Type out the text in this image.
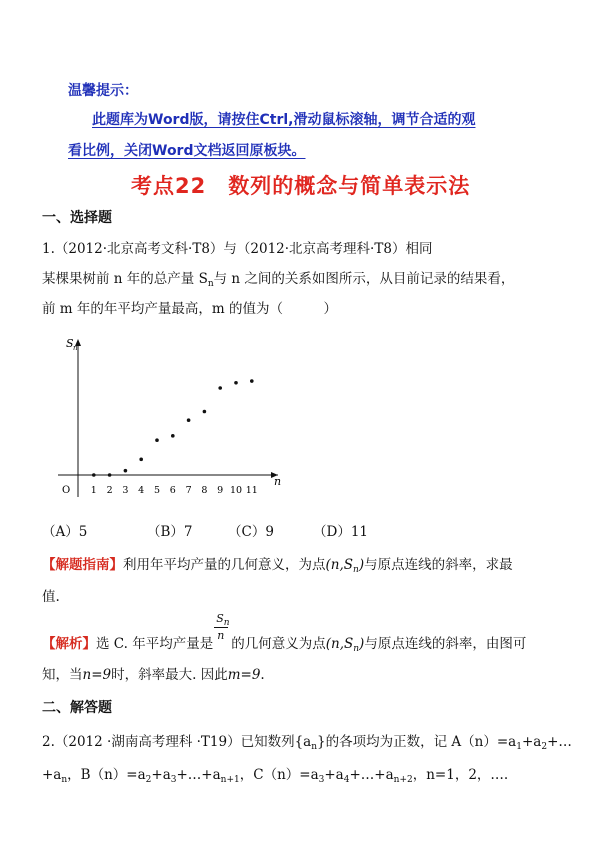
温馨提示：
此题库为Word版，请按住Ctrl,滑动鼠标滚轴，调节合适的观
看比例，关闭Word文档返回原板块。
考点22　数列的概念与简单表示法
一、选择题
1.（2012·北京高考文科·T8）与（2012·北京高考理科·T8）相同
某棵果树前 n 年的总产量 $S_n$与 n 之间的关系如图所示，从目前记录的结果看，
前 m 年的年平均产量最高，m 的值为（　　　）
S n
n
O 1 2 3 4 5 6 7 8 9 10 11
（A）5	（B）7	（C）9	（D）11
【解题指南】利用年平均产量的几何意义，为点$(n,S_n)$与原点连线的斜率，求最
值.
【解析】选 C. 年平均产量是 $\frac{S_n}{n}$ 的几何意义为点$(n,S_n)$与原点连线的斜率，由图可
知，当n=9时，斜率最大. 因此m=9.
二、解答题
2.（2012 ·湖南高考理科 ·T19）已知数列$\{a_n\}$的各项均为正数，记 $A(n)=a_1+a_2+\dots$
$+a_n$，$B(n)=a_2+a_3+\dots+a_{n+1}$，$C(n)=a_3+a_4+\dots+a_{n+2}$，n=1，2，….
